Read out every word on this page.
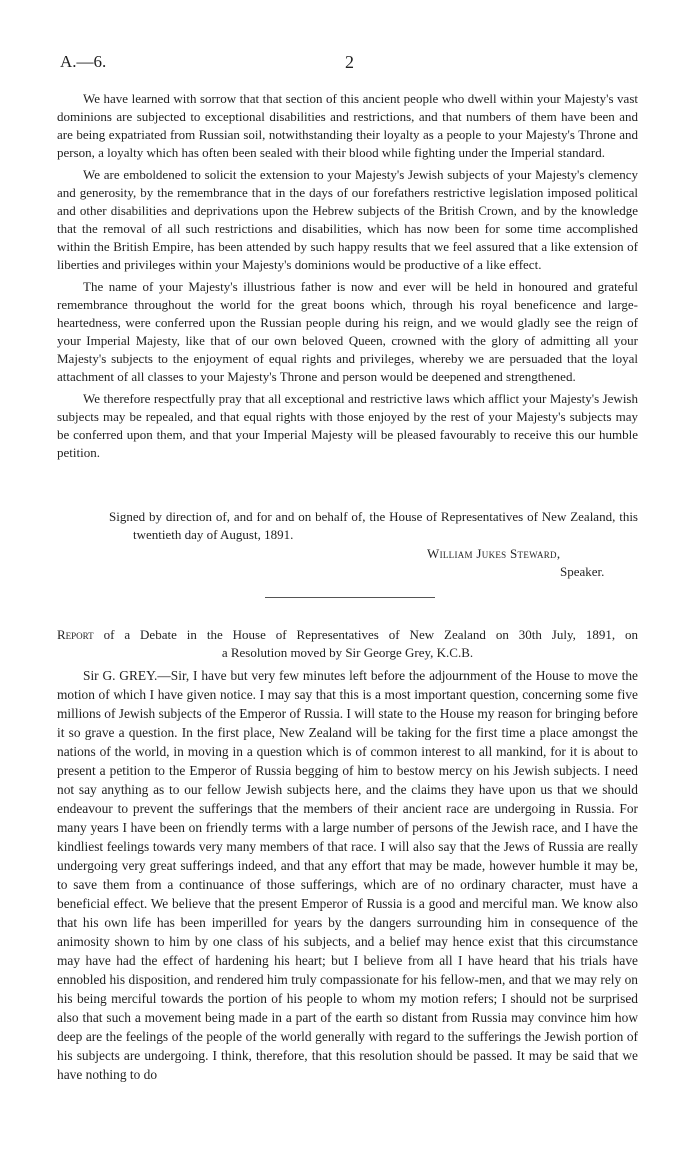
A.—6.	2

We have learned with sorrow that that section of this ancient people who dwell within your Majesty's vast dominions are subjected to exceptional disabilities and restrictions, and that numbers of them have been and are being expatriated from Russian soil, notwithstanding their loyalty as a people to your Majesty's Throne and person, a loyalty which has often been sealed with their blood while fighting under the Imperial standard.

We are emboldened to solicit the extension to your Majesty's Jewish subjects of your Majesty's clemency and generosity, by the remembrance that in the days of our forefathers restrictive legislation imposed political and other disabilities and deprivations upon the Hebrew subjects of the British Crown, and by the knowledge that the removal of all such restrictions and disabilities, which has now been for some time accomplished within the British Empire, has been attended by such happy results that we feel assured that a like extension of liberties and privileges within your Majesty's dominions would be productive of a like effect.

The name of your Majesty's illustrious father is now and ever will be held in honoured and grateful remembrance throughout the world for the great boons which, through his royal beneficence and large-heartedness, were conferred upon the Russian people during his reign, and we would gladly see the reign of your Imperial Majesty, like that of our own beloved Queen, crowned with the glory of admitting all your Majesty's subjects to the enjoyment of equal rights and privileges, whereby we are persuaded that the loyal attachment of all classes to your Majesty's Throne and person would be deepened and strengthened.

We therefore respectfully pray that all exceptional and restrictive laws which afflict your Majesty's Jewish subjects may be repealed, and that equal rights with those enjoyed by the rest of your Majesty's subjects may be conferred upon them, and that your Imperial Majesty will be pleased favourably to receive this our humble petition.

Signed by direction of, and for and on behalf of, the House of Representatives of New Zealand, this twentieth day of August, 1891.

William Jukes Steward,
Speaker.
Report of a Debate in the House of Representatives of New Zealand on 30th July, 1891, on
a Resolution moved by Sir George Grey, K.C.B.

Sir G. GREY.—Sir, I have but very few minutes left before the adjournment of the House to move the motion of which I have given notice. I may say that this is a most important question, concerning some five millions of Jewish subjects of the Emperor of Russia. I will state to the House my reason for bringing before it so grave a question. In the first place, New Zealand will be taking for the first time a place amongst the nations of the world, in moving in a question which is of common interest to all mankind, for it is about to present a petition to the Emperor of Russia begging of him to bestow mercy on his Jewish subjects. I need not say anything as to our fellow Jewish subjects here, and the claims they have upon us that we should endeavour to prevent the sufferings that the members of their ancient race are undergoing in Russia. For many years I have been on friendly terms with a large number of persons of the Jewish race, and I have the kindliest feelings towards very many members of that race. I will also say that the Jews of Russia are really undergoing very great sufferings indeed, and that any effort that may be made, however humble it may be, to save them from a continuance of those sufferings, which are of no ordinary character, must have a beneficial effect. We believe that the present Emperor of Russia is a good and merciful man. We know also that his own life has been imperilled for years by the dangers surrounding him in consequence of the animosity shown to him by one class of his subjects, and a belief may hence exist that this circumstance may have had the effect of hardening his heart; but I believe from all I have heard that his trials have ennobled his disposition, and rendered him truly compassionate for his fellow-men, and that we may rely on his being merciful towards the portion of his people to whom my motion refers; I should not be surprised also that such a movement being made in a part of the earth so distant from Russia may convince him how deep are the feelings of the people of the world generally with regard to the sufferings the Jewish portion of his subjects are undergoing. I think, therefore, that this resolution should be passed. It may be said that we have nothing to do
